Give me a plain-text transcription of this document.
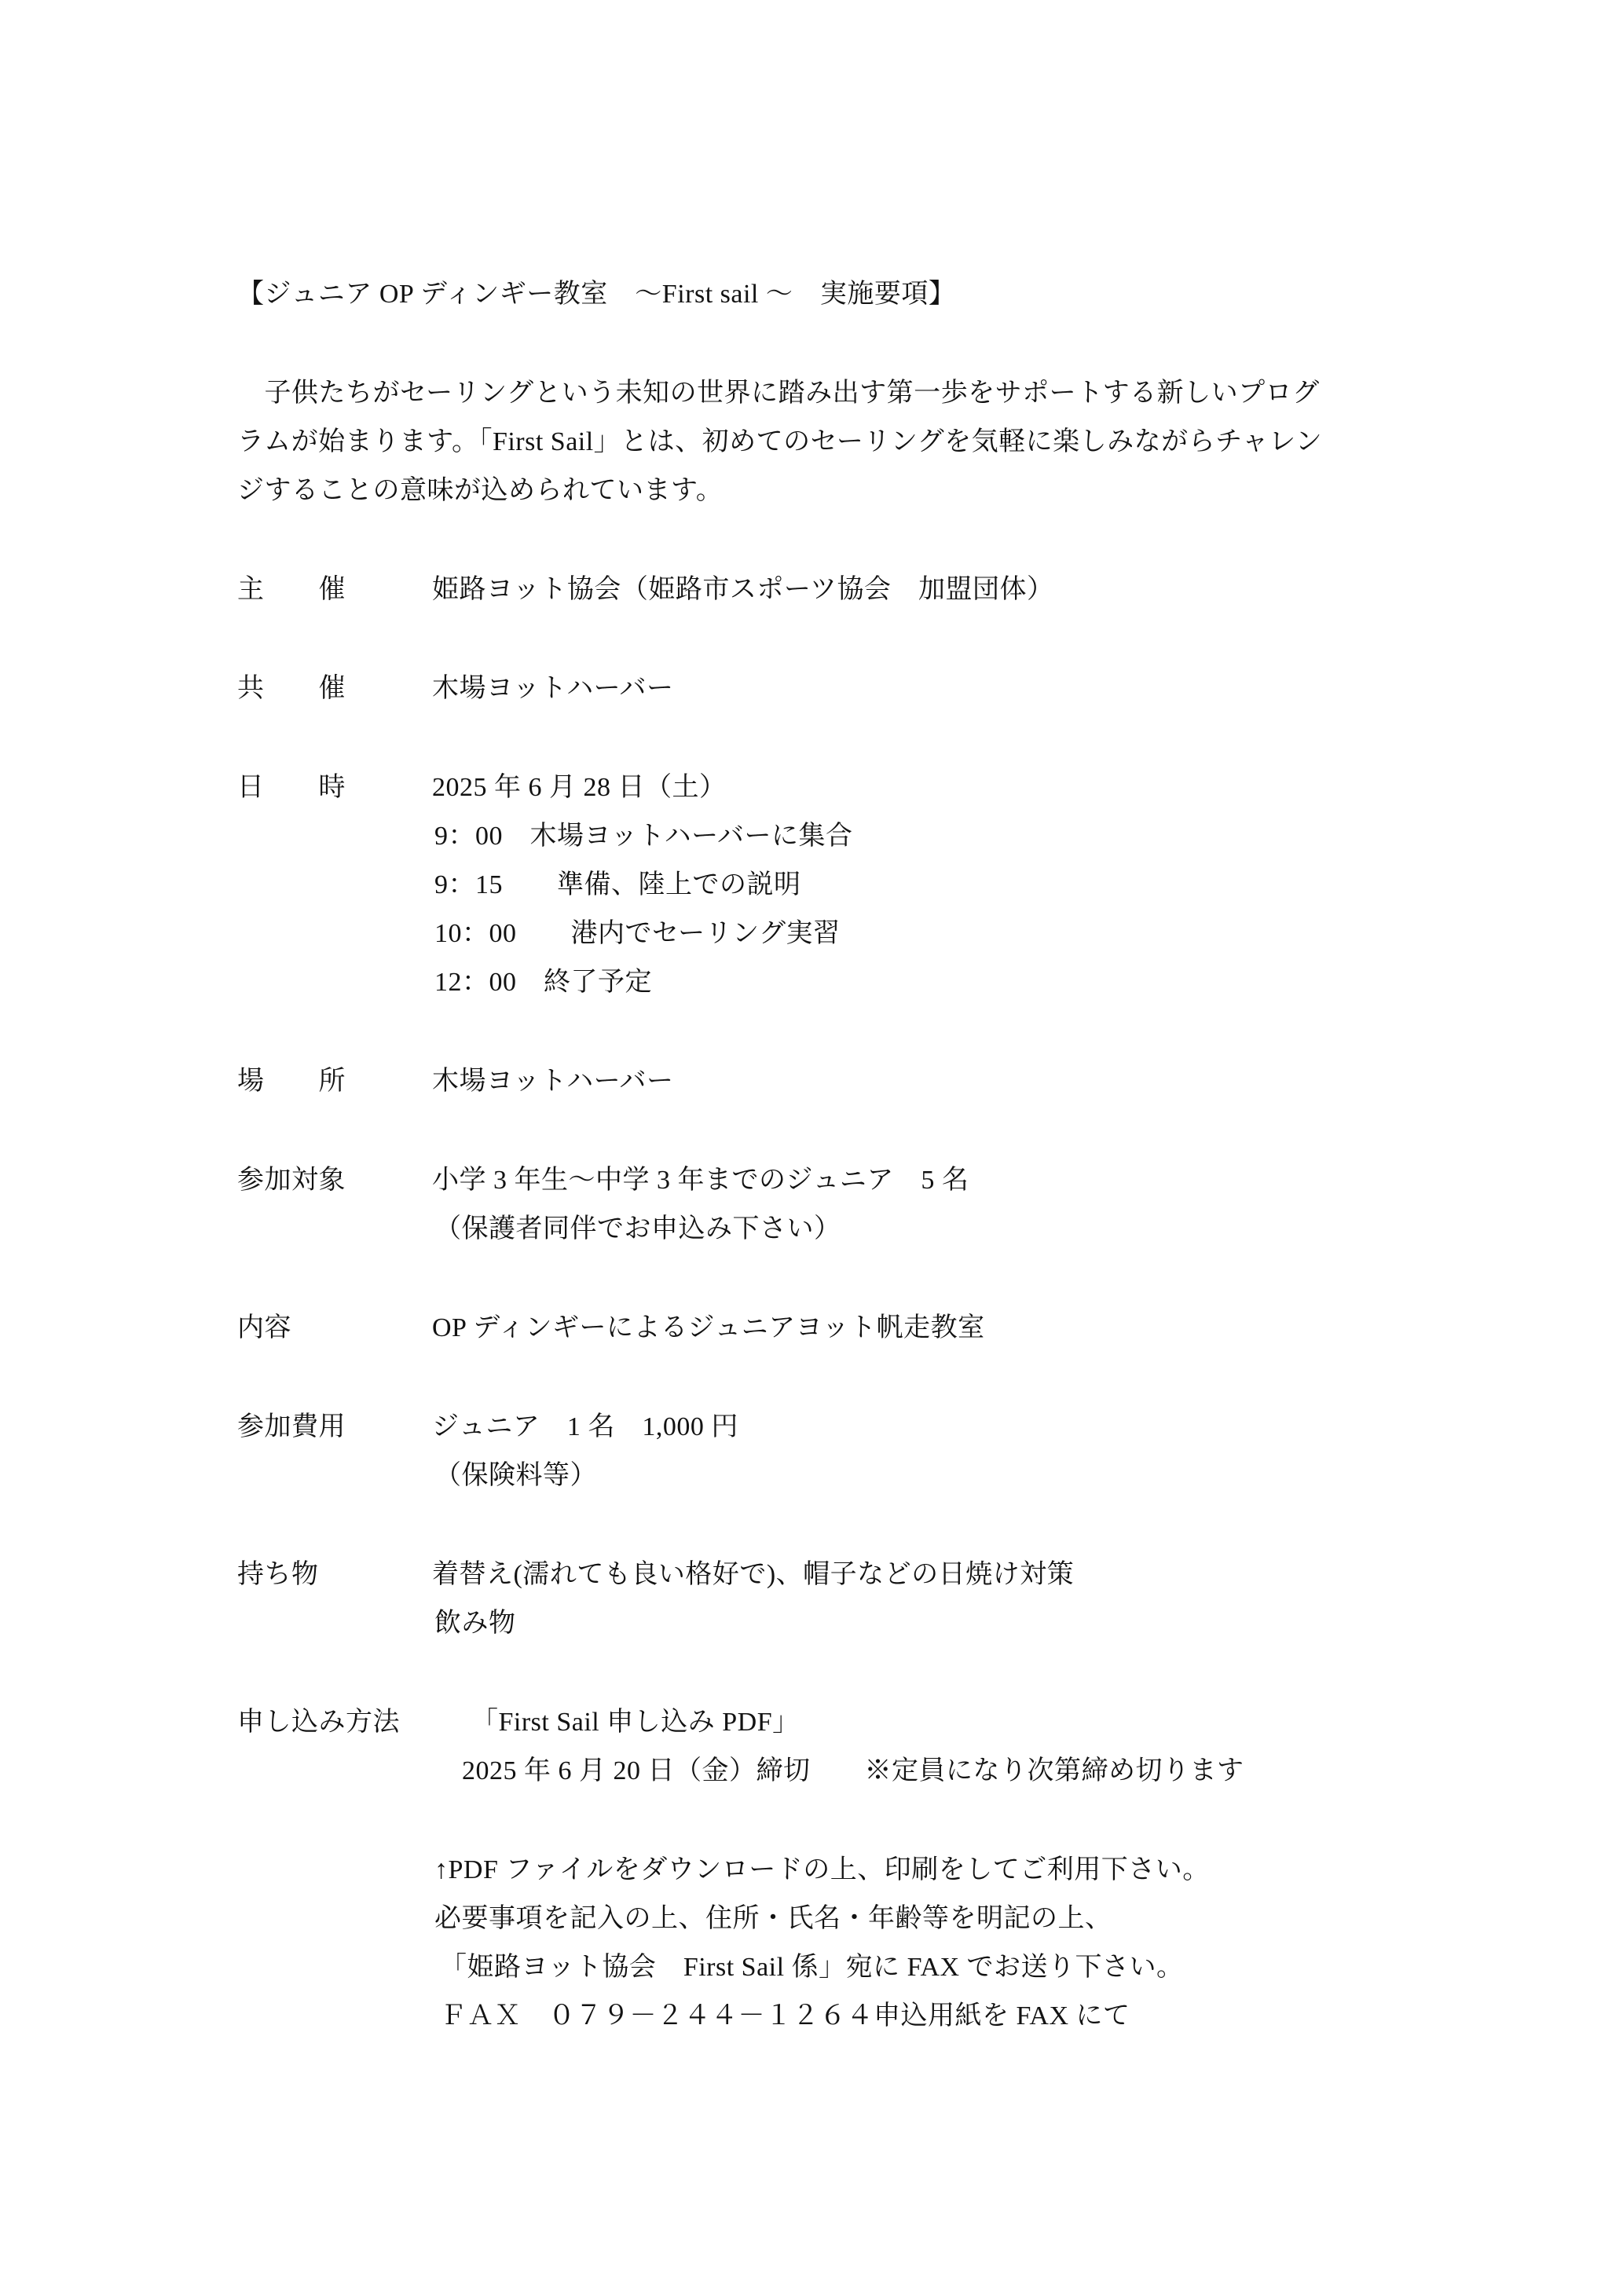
【ジュニア OP ディンギー教室　～First sail ～　実施要項】
　子供たちがセーリングという未知の世界に踏み出す第一歩をサポートする新しいプログ
ラムが始まります。「First Sail」とは、初めてのセーリングを気軽に楽しみながらチャレン
ジすることの意味が込められています。
主　　催	姫路ヨット協会（姫路市スポーツ協会　加盟団体）
共　　催	木場ヨットハーバー
日　　時	2025 年 6 月 28 日（土）
9：00　木場ヨットハーバーに集合
9：15　　準備、陸上での説明
10：00　　港内でセーリング実習
12：00　終了予定
場　　所	木場ヨットハーバー
参加対象	小学 3 年生～中学 3 年までのジュニア　5 名
（保護者同伴でお申込み下さい）
内容	OP ディンギーによるジュニアヨット帆走教室
参加費用	ジュニア　1 名　1,000 円
（保険料等）
持ち物	着替え(濡れても良い格好で)、帽子などの日焼け対策
飲み物
申し込み方法	「First Sail 申し込み PDF」
2025 年 6 月 20 日（金）締切　　※定員になり次第締め切ります
↑PDF ファイルをダウンロードの上、印刷をしてご利用下さい。
必要事項を記入の上、住所・氏名・年齢等を明記の上、
「姫路ヨット協会　First Sail 係」宛に FAX でお送り下さい。
ＦＡＸ　０７９－２４４－１２６４申込用紙を FAX にて
